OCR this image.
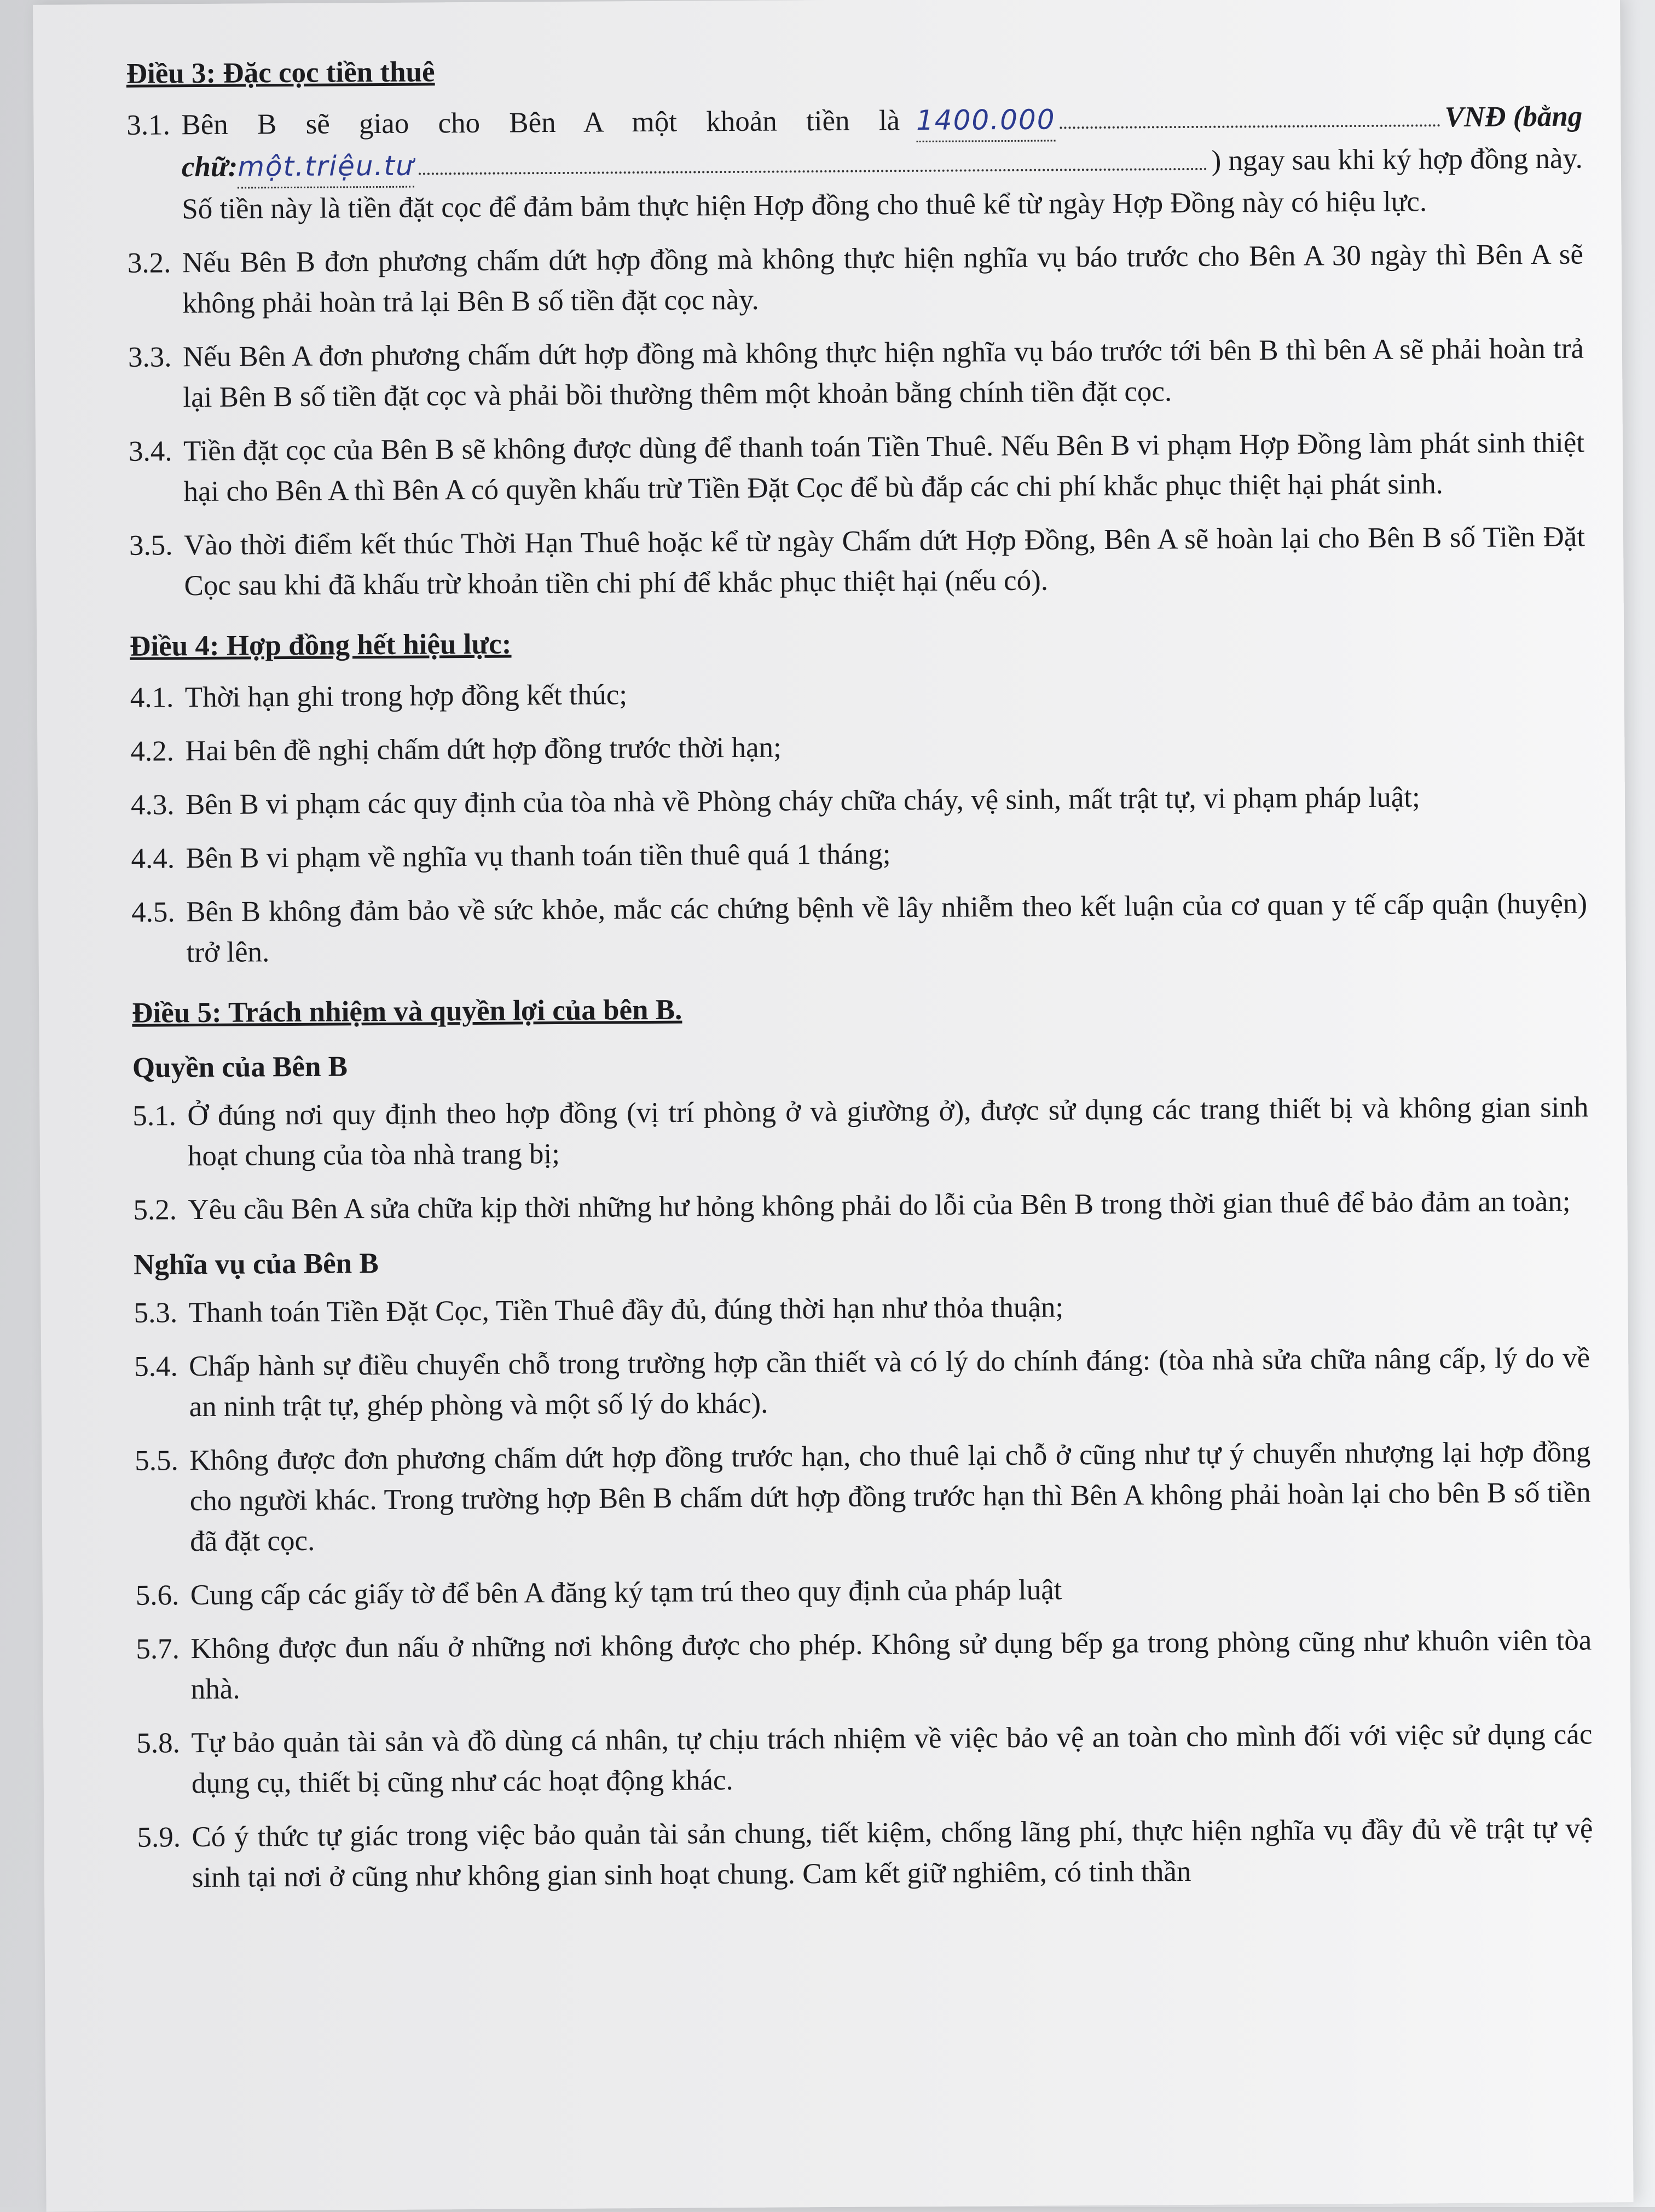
Điều 3: Đặc cọc tiền thuê
3.1. Bên B sẽ giao cho Bên A một khoản tiền là 1400.000	VNĐ (bằng
chữ: một.triệu.tư	) ngay sau khi ký hợp đồng này.
Số tiền này là tiền đặt cọc để đảm bảm thực hiện Hợp đồng cho thuê kể từ ngày Hợp Đồng này có hiệu lực.
3.2. Nếu Bên B đơn phương chấm dứt hợp đồng mà không thực hiện nghĩa vụ báo trước cho Bên A 30 ngày thì Bên A sẽ không phải hoàn trả lại Bên B số tiền đặt cọc này.
3.3. Nếu Bên A đơn phương chấm dứt hợp đồng mà không thực hiện nghĩa vụ báo trước tới bên B thì bên A sẽ phải hoàn trả lại Bên B số tiền đặt cọc và phải bồi thường thêm một khoản bằng chính tiền đặt cọc.
3.4. Tiền đặt cọc của Bên B sẽ không được dùng để thanh toán Tiền Thuê. Nếu Bên B vi phạm Hợp Đồng làm phát sinh thiệt hại cho Bên A thì Bên A có quyền khấu trừ Tiền Đặt Cọc để bù đắp các chi phí khắc phục thiệt hại phát sinh.
3.5. Vào thời điểm kết thúc Thời Hạn Thuê hoặc kể từ ngày Chấm dứt Hợp Đồng, Bên A sẽ hoàn lại cho Bên B số Tiền Đặt Cọc sau khi đã khấu trừ khoản tiền chi phí để khắc phục thiệt hại (nếu có).
Điều 4: Hợp đồng hết hiệu lực:
4.1. Thời hạn ghi trong hợp đồng kết thúc;
4.2. Hai bên đề nghị chấm dứt hợp đồng trước thời hạn;
4.3. Bên B vi phạm các quy định của tòa nhà về Phòng cháy chữa cháy, vệ sinh, mất trật tự, vi phạm pháp luật;
4.4. Bên B vi phạm về nghĩa vụ thanh toán tiền thuê quá 1 tháng;
4.5. Bên B không đảm bảo về sức khỏe, mắc các chứng bệnh về lây nhiễm theo kết luận của cơ quan y tế cấp quận (huyện) trở lên.
Điều 5: Trách nhiệm và quyền lợi của bên B.
Quyền của Bên B
5.1. Ở đúng nơi quy định theo hợp đồng (vị trí phòng ở và giường ở), được sử dụng các trang thiết bị và không gian sinh hoạt chung của tòa nhà trang bị;
5.2. Yêu cầu Bên A sửa chữa kịp thời những hư hỏng không phải do lỗi của Bên B trong thời gian thuê để bảo đảm an toàn;
Nghĩa vụ của Bên B
5.3. Thanh toán Tiền Đặt Cọc, Tiền Thuê đầy đủ, đúng thời hạn như thỏa thuận;
5.4. Chấp hành sự điều chuyển chỗ trong trường hợp cần thiết và có lý do chính đáng: (tòa nhà sửa chữa nâng cấp, lý do về an ninh trật tự, ghép phòng và một số lý do khác).
5.5. Không được đơn phương chấm dứt hợp đồng trước hạn, cho thuê lại chỗ ở cũng như tự ý chuyển nhượng lại hợp đồng cho người khác. Trong trường hợp Bên B chấm dứt hợp đồng trước hạn thì Bên A không phải hoàn lại cho bên B số tiền đã đặt cọc.
5.6. Cung cấp các giấy tờ để bên A đăng ký tạm trú theo quy định của pháp luật
5.7. Không được đun nấu ở những nơi không được cho phép. Không sử dụng bếp ga trong phòng cũng như khuôn viên tòa nhà.
5.8. Tự bảo quản tài sản và đồ dùng cá nhân, tự chịu trách nhiệm về việc bảo vệ an toàn cho mình đối với việc sử dụng các dụng cụ, thiết bị cũng như các hoạt động khác.
5.9. Có ý thức tự giác trong việc bảo quản tài sản chung, tiết kiệm, chống lãng phí, thực hiện nghĩa vụ đầy đủ về trật tự vệ sinh tại nơi ở cũng như không gian sinh hoạt chung. Cam kết giữ nghiêm, có tinh thần
